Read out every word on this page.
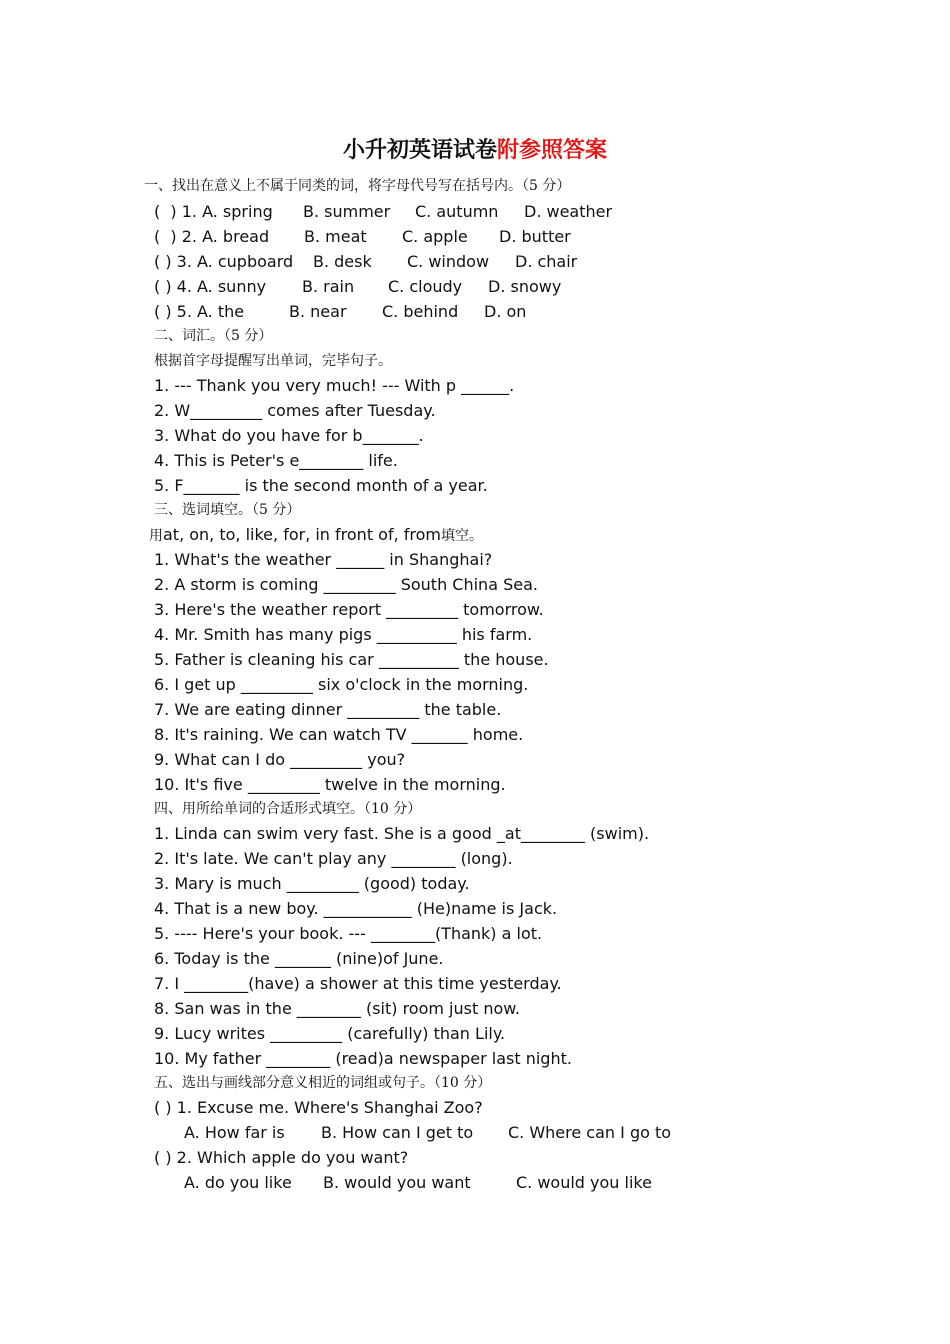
小升初英语试卷附参照答案
一、找出在意义上不属于同类的词，将字母代号写在括号内。（5 分）

(  ) 1. A. spring

B. summer

C. autumn

D. weather

(  ) 2. A. bread

B. meat

C. apple

D. butter

( ) 3. A. cupboard

B. desk

C. window

D. chair

( ) 4. A. sunny

B. rain

C. cloudy

D. snowy

( ) 5. A. the

	B. near

C. behind

D. on

二、词汇。（5 分）
根据首字母提醒写出单词，完毕句子。
1. --- Thank you very much! --- With p ______.
2. W_________ comes after Tuesday.
3. What do you have for b_______.
4. This is Peter's e________ life.
5. F_______ is the second month of a year.
三、选词填空。（5 分）
用at, on, to, like, for, in front of, from填空。
1. What's the weather ______ in Shanghai?
2. A storm is coming _________ South China Sea.
3. Here's the weather report _________ tomorrow.
4. Mr. Smith has many pigs __________ his farm.
5. Father is cleaning his car __________ the house.
6. I get up _________ six o'clock in the morning.
7. We are eating dinner _________ the table.
8. It's raining. We can watch TV _______ home.
9. What can I do _________ you?
10. It's five _________ twelve in the morning.
四、用所给单词的合适形式填空。（10 分）
1. Linda can swim very fast. She is a good _at________ (swim).
2. It's late. We can't play any ________ (long).
3. Mary is much _________ (good) today.
4. That is a new boy. ___________ (He)name is Jack.
5. ---- Here's your book. --- ________(Thank) a lot.
6. Today is the _______ (nine)of June.
7. I ________(have) a shower at this time yesterday.
8. San was in the ________ (sit) room just now.
9. Lucy writes _________ (carefully) than Lily.
10. My father ________ (read)a newspaper last night.
五、选出与画线部分意义相近的词组或句子。（10 分）
( ) 1. Excuse me. Where's Shanghai Zoo?

A. How far is

B. How can I get to

C. Where can I go to

( ) 2. Which apple do you want?

A. do you like

B. would you want

	C. would you like
